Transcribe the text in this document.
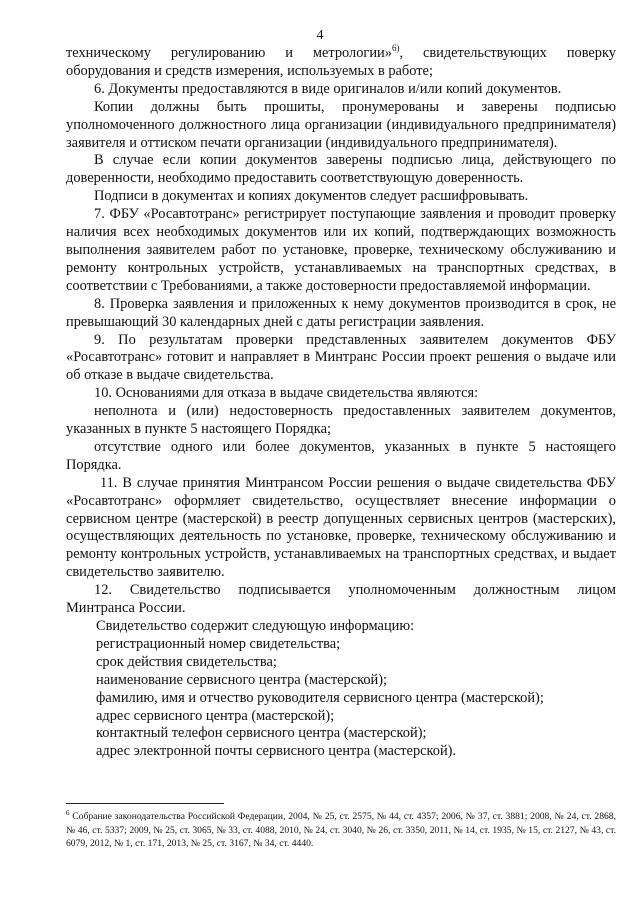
4

техническому регулированию и метрологии»$^{6)}$, свидетельствующих поверку оборудования и средств измерения, используемых в работе;

6. Документы предоставляются в виде оригиналов и/или копий документов.

Копии должны быть прошиты, пронумерованы и заверены подписью уполномоченного должностного лица организации (индивидуального предпринимателя) заявителя и оттиском печати организации (индивидуального предпринимателя).

В случае если копии документов заверены подписью лица, действующего по доверенности, необходимо предоставить соответствующую доверенность.

Подписи в документах и копиях документов следует расшифровывать.

7. ФБУ «Росавтотранс» регистрирует поступающие заявления и проводит проверку наличия всех необходимых документов или их копий, подтверждающих возможность выполнения заявителем работ по установке, проверке, техническому обслуживанию и ремонту контрольных устройств, устанавливаемых на транспортных средствах, в соответствии с Требованиями, а также достоверности предоставляемой информации.

8. Проверка заявления и приложенных к нему документов производится в срок, не превышающий 30 календарных дней с даты регистрации заявления.

9. По результатам проверки представленных заявителем документов ФБУ «Росавтотранс» готовит и направляет в Минтранс России проект решения о выдаче или об отказе в выдаче свидетельства.

10. Основаниями для отказа в выдаче свидетельства являются:

неполнота и (или) недостоверность предоставленных заявителем документов, указанных в пункте 5 настоящего Порядка;

отсутствие одного или более документов, указанных в пункте 5 настоящего Порядка.

11. В случае принятия Минтрансом России решения о выдаче свидетельства ФБУ «Росавтотранс» оформляет свидетельство, осуществляет внесение информации о сервисном центре (мастерской) в реестр допущенных сервисных центров (мастерских), осуществляющих деятельность по установке, проверке, техническому обслуживанию и ремонту контрольных устройств, устанавливаемых на транспортных средствах, и выдает свидетельство заявителю.

12. Свидетельство подписывается уполномоченным должностным лицом Минтранса России.

Свидетельство содержит следующую информацию:

регистрационный номер свидетельства;

срок действия свидетельства;

наименование сервисного центра (мастерской);

фамилию, имя и отчество руководителя сервисного центра (мастерской);

адрес сервисного центра (мастерской);

контактный телефон сервисного центра (мастерской);

адрес электронной почты сервисного центра (мастерской).

$^6$ Собрание законодательства Российской Федерации, 2004, № 25, ст. 2575, № 44, ст. 4357; 2006, № 37, ст. 3881; 2008, № 24, ст. 2868, № 46, ст. 5337; 2009, № 25, ст. 3065, № 33, ст. 4088, 2010, № 24, ст. 3040, № 26, ст. 3350, 2011, № 14, ст. 1935, № 15, ст. 2127, № 43, ст. 6079, 2012, № 1, ст. 171, 2013, № 25, ст. 3167, № 34, ст. 4440.
